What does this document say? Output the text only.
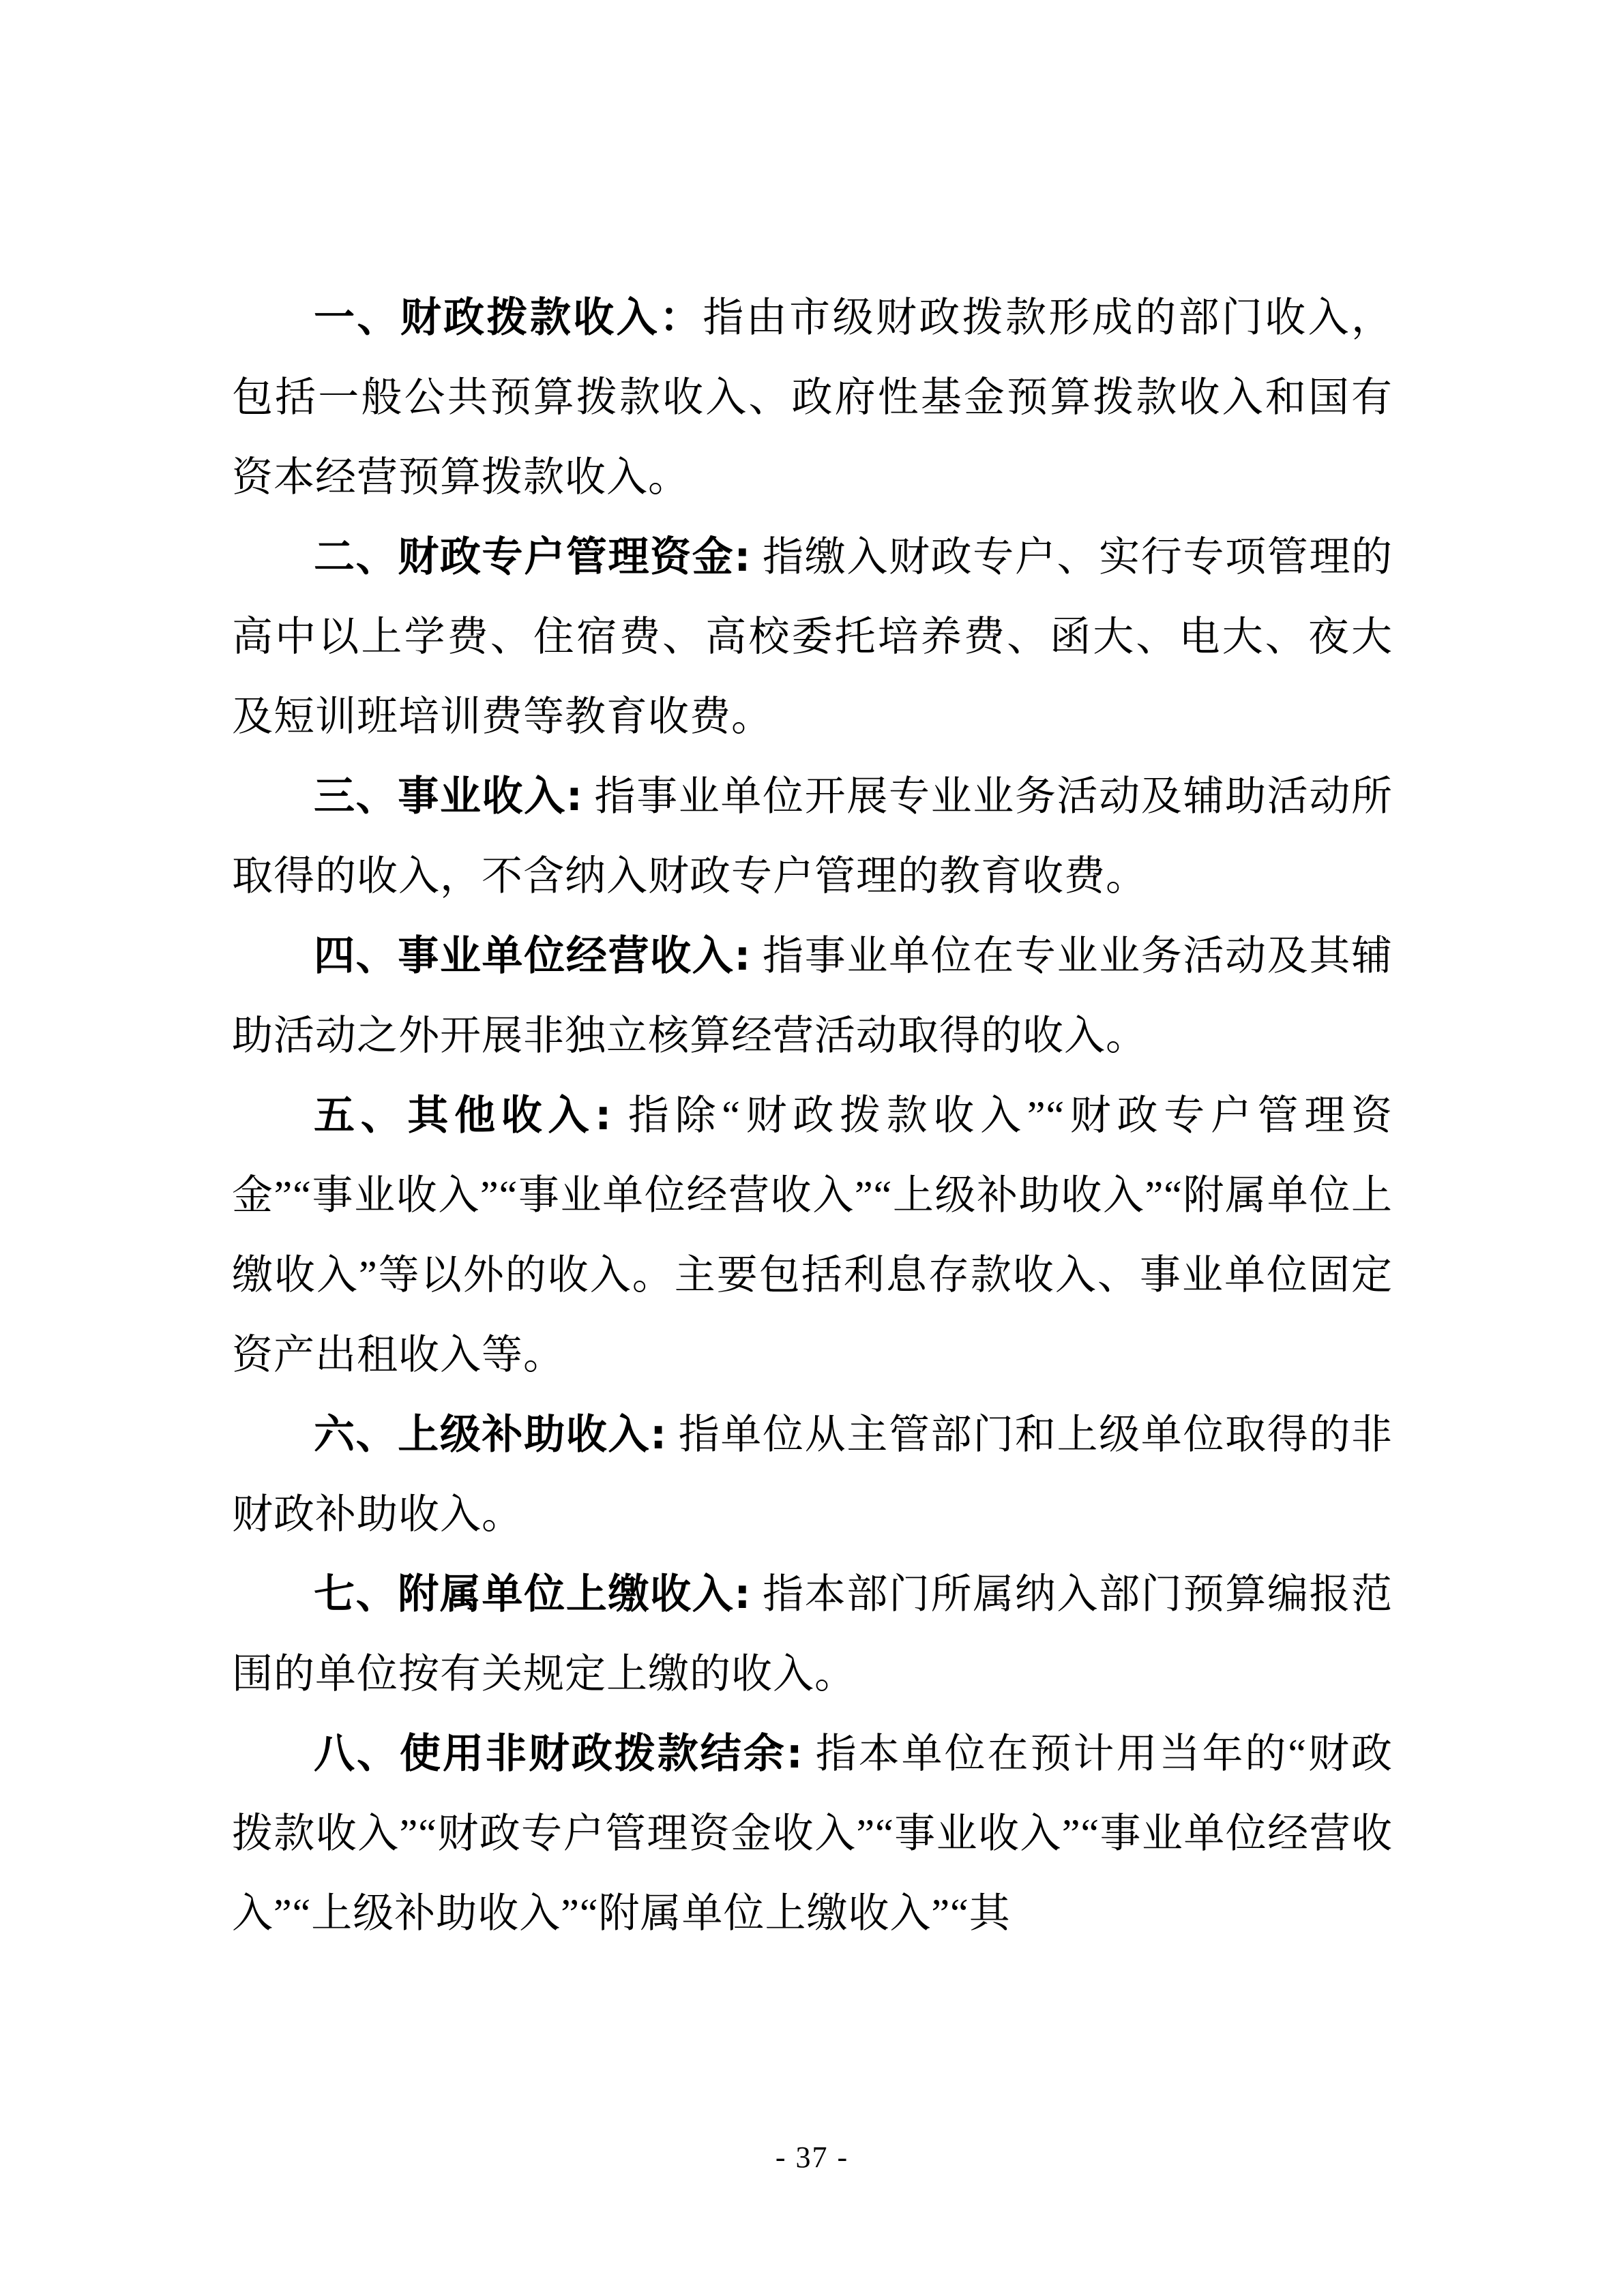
一、财政拨款收入：指由市级财政拨款形成的部门收入，包括一般公共预算拨款收入、政府性基金预算拨款收入和国有资本经营预算拨款收入。

二、财政专户管理资金: 指缴入财政专户、实行专项管理的高中以上学费、住宿费、高校委托培养费、函大、电大、夜大及短训班培训费等教育收费。

三、事业收入: 指事业单位开展专业业务活动及辅助活动所取得的收入，不含纳入财政专户管理的教育收费。

四、事业单位经营收入: 指事业单位在专业业务活动及其辅助活动之外开展非独立核算经营活动取得的收入。

五、其他收入: 指除“财政拨款收入”“财政专户管理资金”“事业收入”“事业单位经营收入”“上级补助收入”“附属单位上缴收入”等以外的收入。主要包括利息存款收入、事业单位固定资产出租收入等。

六、上级补助收入: 指单位从主管部门和上级单位取得的非财政补助收入。

七、附属单位上缴收入: 指本部门所属纳入部门预算编报范围的单位按有关规定上缴的收入。

八、使用非财政拨款结余: 指本单位在预计用当年的“财政拨款收入”“财政专户管理资金收入”“事业收入”“事业单位经营收入”“上级补助收入”“附属单位上缴收入”“其

- 37 -
